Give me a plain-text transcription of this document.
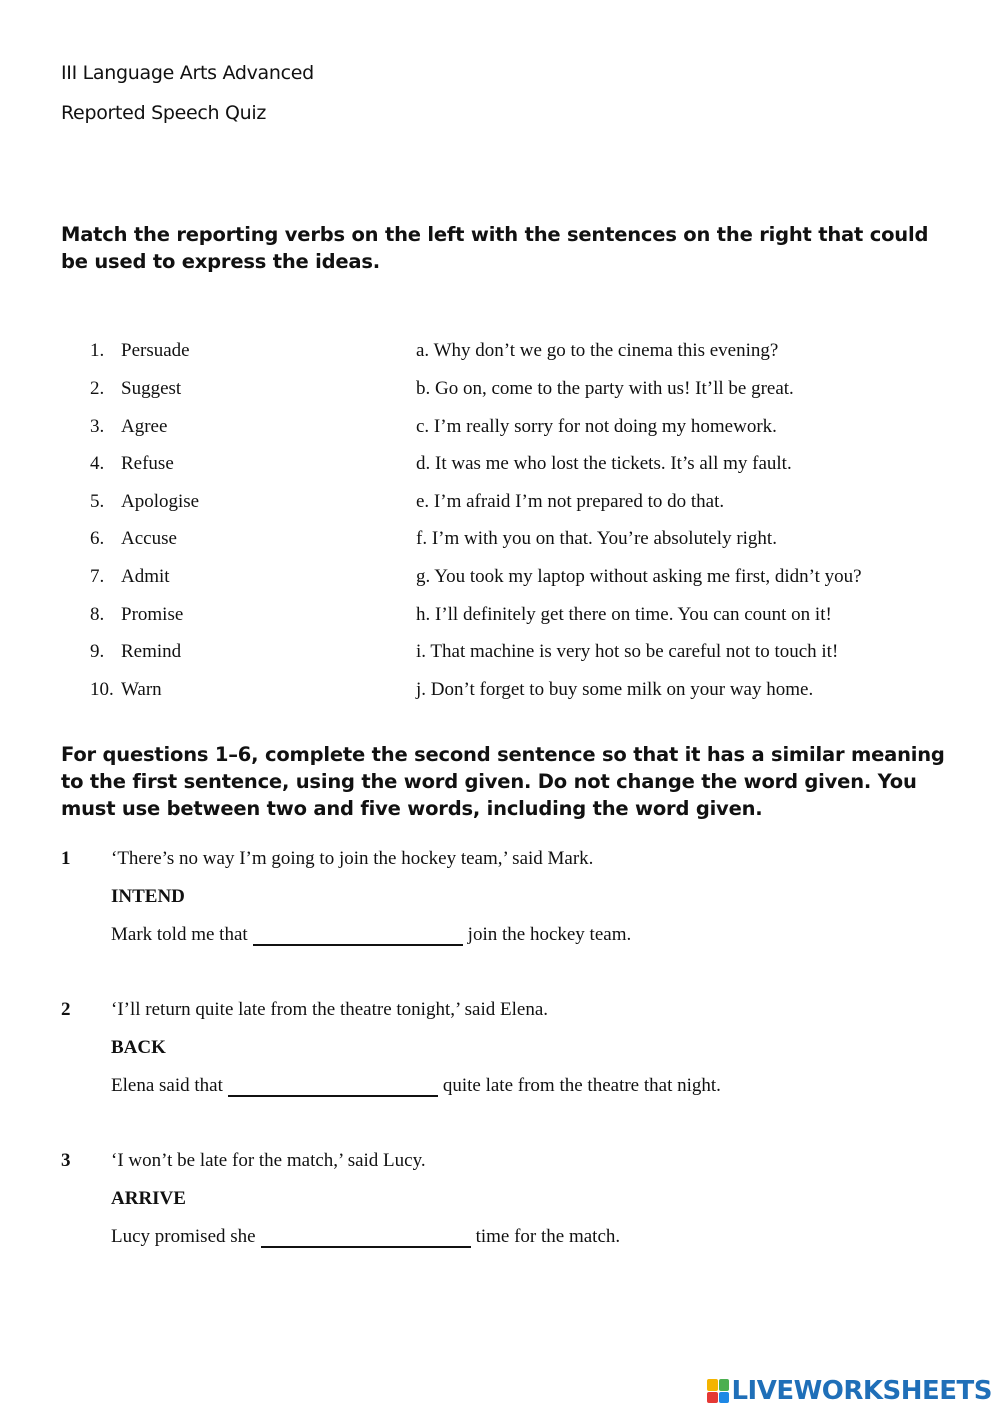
III Language Arts Advanced
Reported Speech Quiz
Match the reporting verbs on the left with the sentences on the right that could be used to express the ideas.
1. Persuade	a. Why don’t we go to the cinema this evening?
2. Suggest	b. Go on, come to the party with us! It’ll be great.
3. Agree	c. I’m really sorry for not doing my homework.
4. Refuse	d. It was me who lost the tickets. It’s all my fault.
5. Apologise	e. I’m afraid I’m not prepared to do that.
6. Accuse	f. I’m with you on that. You’re absolutely right.
7. Admit	g. You took my laptop without asking me first, didn’t you?
8. Promise	h. I’ll definitely get there on time. You can count on it!
9. Remind	i. That machine is very hot so be careful not to touch it!
10. Warn	j. Don’t forget to buy some milk on your way home.
For questions 1–6, complete the second sentence so that it has a similar meaning to the first sentence, using the word given. Do not change the word given. You must use between two and five words, including the word given.
1 ‘There’s no way I’m going to join the hockey team,’ said Mark.
INTEND
Mark told me that	join the hockey team.
2 ‘I’ll return quite late from the theatre tonight,’ said Elena.
BACK
Elena said that	quite late from the theatre that night.
3 ‘I won’t be late for the match,’ said Lucy.
ARRIVE
Lucy promised she	time for the match.
LIVEWORKSHEETS
